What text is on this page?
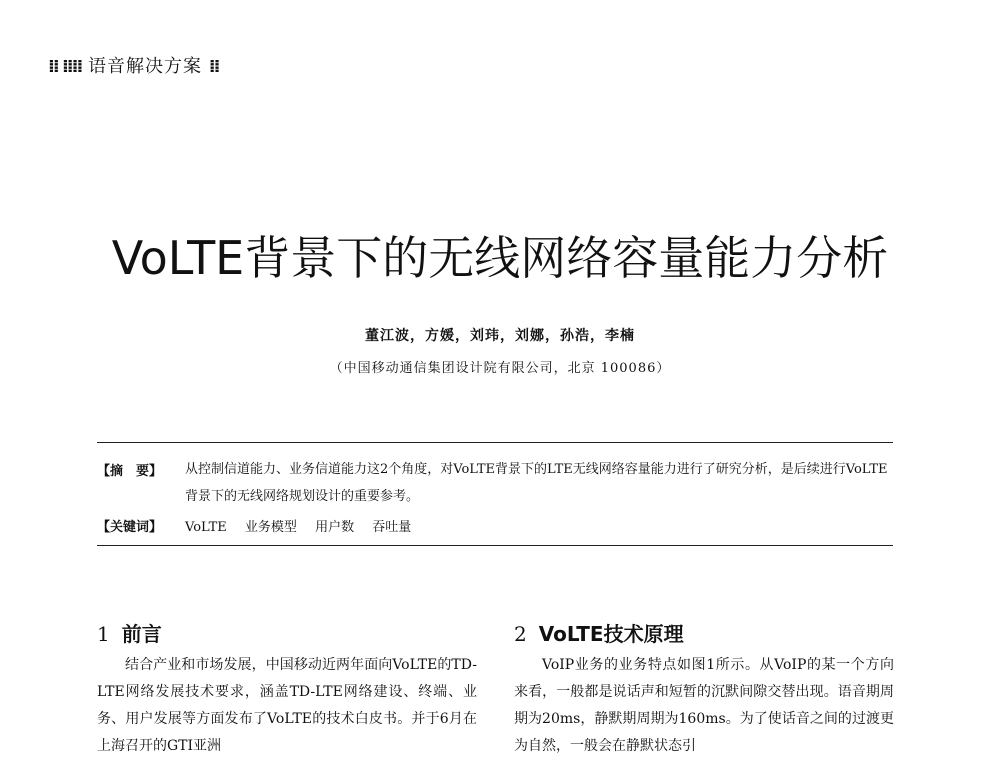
⁞⁞ ⁞⁞⁞⁞ 语音解决方案 ⁞⁞
VoLTE背景下的无线网络容量能力分析
董江波，方媛，刘玮，刘娜，孙浩，李楠
（中国移动通信集团设计院有限公司，北京 100086）
【摘　要】 从控制信道能力、业务信道能力这2个角度，对VoLTE背景下的LTE无线网络容量能力进行了研究分析，是后续进行VoLTE背景下的无线网络规划设计的重要参考。
【关键词】 VoLTE 业务模型 用户数 吞吐量
1 前言

结合产业和市场发展，中国移动近两年面向VoLTE的TD-LTE网络发展技术要求，涵盖TD-LTE网络建设、终端、业务、用户发展等方面发布了VoLTE的技术白皮书。并于6月在上海召开的GTI亚洲

2 VoLTE技术原理

VoIP业务的业务特点如图1所示。从VoIP的某一个方向来看，一般都是说话声和短暂的沉默间隙交替出现。语音期周期为20ms，静默期周期为160ms。为了使话音之间的过渡更为自然，一般会在静默状态引
